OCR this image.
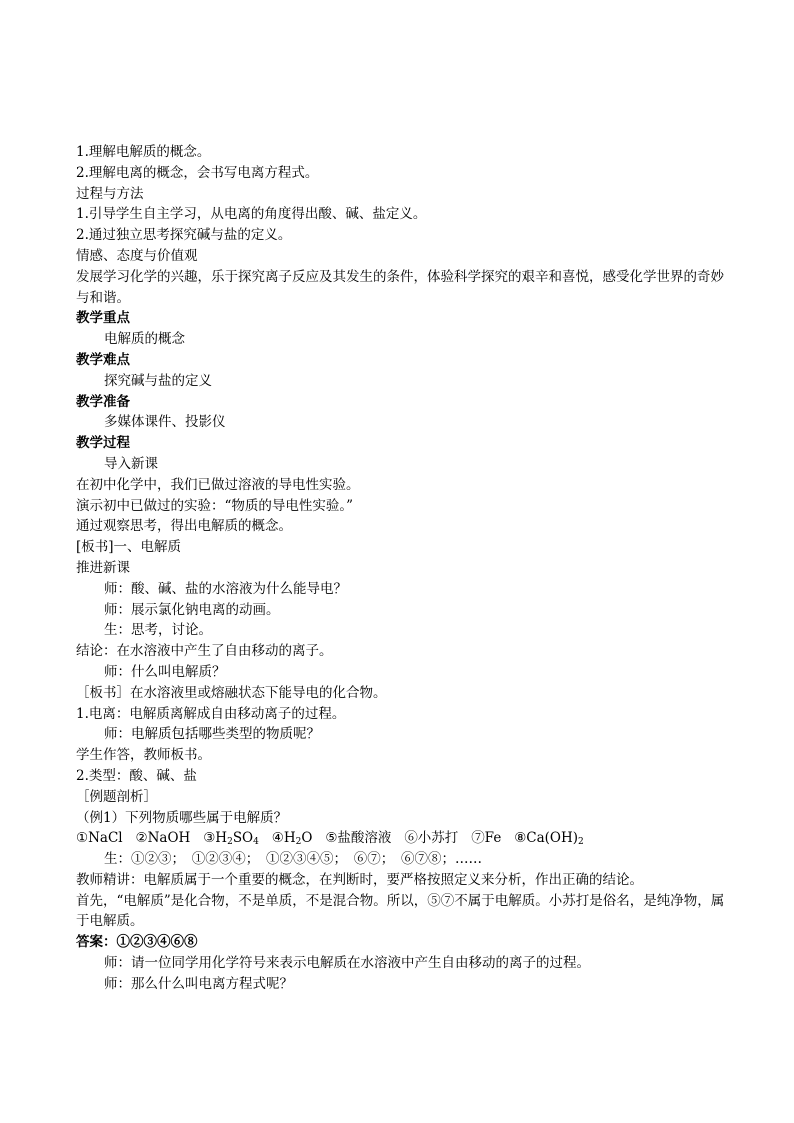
1.理解电解质的概念。
2.理解电离的概念，会书写电离方程式。
过程与方法
1.引导学生自主学习，从电离的角度得出酸、碱、盐定义。
2.通过独立思考探究碱与盐的定义。
情感、态度与价值观
发展学习化学的兴趣，乐于探究离子反应及其发生的条件，体验科学探究的艰辛和喜悦，感受化学世界的奇妙与和谐。
教学重点
电解质的概念
教学难点
探究碱与盐的定义
教学准备
多媒体课件、投影仪
教学过程
导入新课
在初中化学中，我们已做过溶液的导电性实验。
演示初中已做过的实验：“物质的导电性实验。”
通过观察思考，得出电解质的概念。
[板书]一、电解质
推进新课
师：酸、碱、盐的水溶液为什么能导电？
师：展示氯化钠电离的动画。
生：思考，讨论。
结论：在水溶液中产生了自由移动的离子。
师：什么叫电解质？
［板书］在水溶液里或熔融状态下能导电的化合物。
1.电离：电解质离解成自由移动离子的过程。
师：电解质包括哪些类型的物质呢？
学生作答，教师板书。
2.类型：酸、碱、盐
［例题剖析］
（例1）下列物质哪些属于电解质？
①NaCl ②NaOH $③H_2SO_4$ $④H_2O$ ⑤盐酸溶液 ⑥小苏打 ⑦Fe $⑧Ca(OH)_2$
生：①②③；　①②③④；　①②③④⑤；　⑥⑦；　⑥⑦⑧；……
教师精讲：电解质属于一个重要的概念，在判断时，要严格按照定义来分析，作出正确的结论。
首先，“电解质”是化合物，不是单质，不是混合物。所以，⑤⑦不属于电解质。小苏打是俗名，是纯净物，属于电解质。
答案：①②③④⑥⑧
师：请一位同学用化学符号来表示电解质在水溶液中产生自由移动的离子的过程。
师：那么什么叫电离方程式呢？
